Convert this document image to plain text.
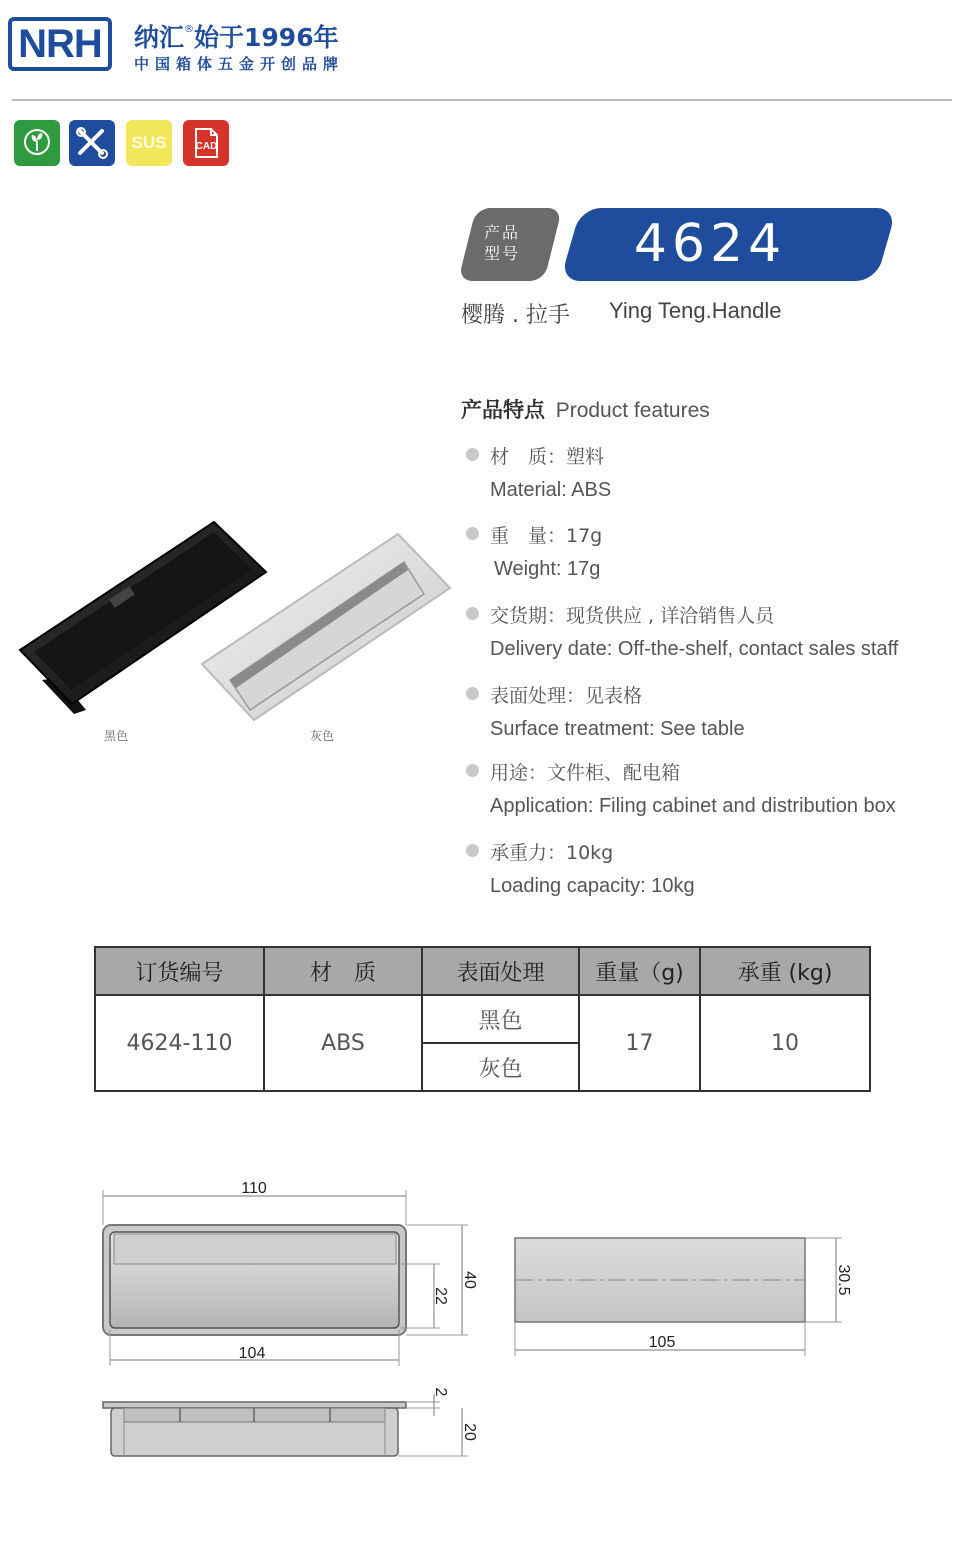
NRH	纳汇®始于1996年
中国箱体五金开创品牌
SUS	CAD
产品
型号	4624
樱腾 . 拉手 Ying Teng.Handle
黑色	灰色
产品特点 Product features
材　质：塑料
Material: ABS
重　量：17g
Weight: 17g
交货期：现货供应 , 详洽销售人员
Delivery date: Off-the-shelf, contact sales staff
表面处理：见表格
Surface treatment: See table
用途：文件柜、配电箱
Application: Filing cabinet and distribution box
承重力：10kg
Loading capacity: 10kg
订货编号	材　质	表面处理	重量（g)	承重 (kg)
4624-110	ABS	黑色	17	10
		灰色		
110
104
40
22
105
30.5
2
20
